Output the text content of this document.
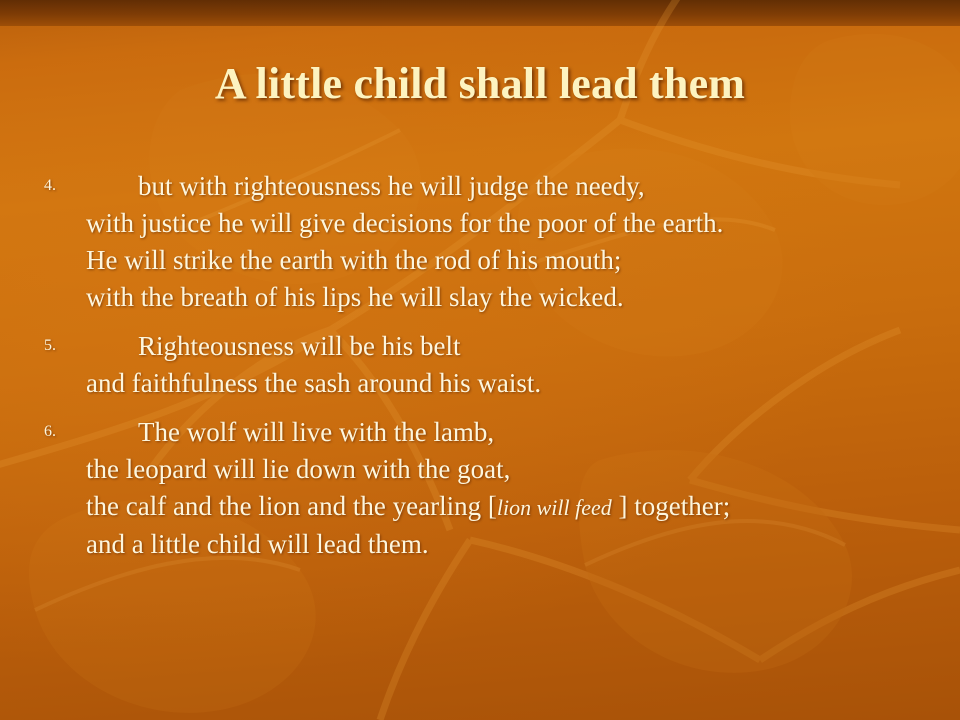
A little child shall lead them
4.	but with righteousness he will judge the needy,
with justice he will give decisions for the poor of the earth.
He will strike the earth with the rod of his mouth;
with the breath of his lips he will slay the wicked.
5.	Righteousness will be his belt
and faithfulness the sash around his waist.
6.	The wolf will live with the lamb,
the leopard will lie down with the goat,
the calf and the lion and the yearling [lion will feed ] together;
and a little child will lead them.
